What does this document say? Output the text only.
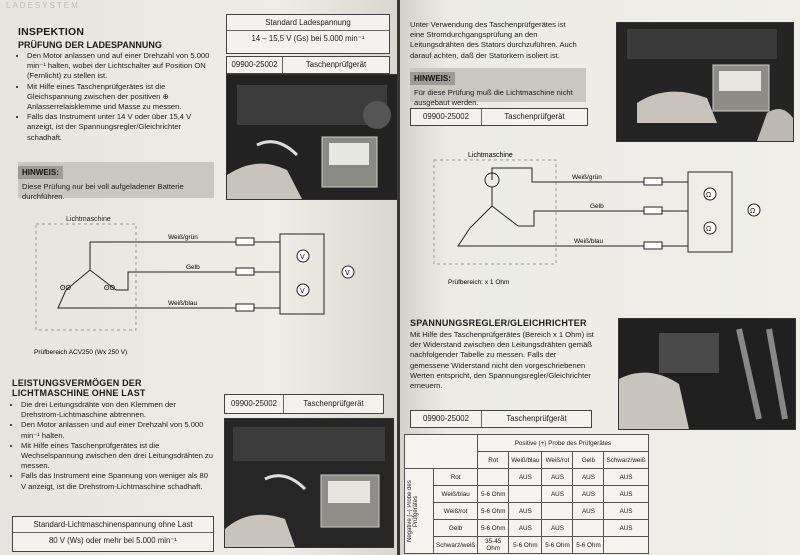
LADESYSTEM
INSPEKTION
PRÜFUNG DER LADESPANNUNG
• Den Motor anlassen und auf einer Drehzahl von 5.000 min⁻¹ halten, wobei der Lichtschalter auf Position ON (Fernlicht) zu stellen ist.
• Mit Hilfe eines Taschenprüfgerätes ist die Gleichspannung zwischen der positiven ⊕ Anlasserrelaisklemme und Masse zu messen.
• Falls das Instrument unter 14 V oder über 15,4 V anzeigt, ist der Spannungsregler/Gleichrichter schadhaft.
Standard Ladespannung
14 – 15,5 V (Gs) bei 5.000 min⁻¹
09900-25002	Taschenprüfgerät
HINWEIS:
Diese Prüfung nur bei voll aufgeladener Batterie durchführen.
Lichtmaschine
ʘʘ	ʘʘ
Weiß/grün
Gelb
Weiß/blau
V
V
V
Prüfbereich ACV250 (Wx 250 V)
LEISTUNGSVERMÖGEN DER LICHTMASCHINE OHNE LAST
• Die drei Leitungsdrähte von den Klemmen der Drehstrom-Lichtmaschine abtrennen.
• Den Motor anlassen und auf einer Drehzahl von 5.000 min⁻¹ halten.
• Mit Hilfe eines Taschenprüfgerätes ist die Wechselspannung zwischen den drei Leitungsdrähten zu messen.
• Falls das Instrument eine Spannung von weniger als 80 V anzeigt, ist die Drehstrom-Lichtmaschine schadhaft.
09900-25002	Taschenprüfgerät
Standard-Lichtmaschinenspannung ohne Last
80 V (Ws) oder mehr bei 5.000 min⁻¹
Unter Verwendung des Taschenprüfgerätes ist eine Stromdurchgangsprüfung an den Leitungsdrähten des Stators durchzuführen. Auch darauf achten, daß der Statorkern isoliert ist.
09900-25002	Taschenprüfgerät
HINWEIS:
Für diese Prüfung muß die Lichtmaschine nicht ausgebaut werden.
Lichtmaschine
Weiß/grün
Gelb
Weiß/blau
Ω
Ω
Ω
Prüfbereich: x 1 Ohm
SPANNUNGSREGLER/GLEICHRICHTER
Mit Hilfe des Taschenprüfgerätes (Bereich x 1 Ohm) ist der Widerstand zwischen den Leitungsdrähten gemäß nachfolgender Tabelle zu messen. Falls der gemessene Widerstand nicht den vorgeschriebenen Werten entspricht, den Spannungsregler/Gleichrichter erneuern.
09900-25002	Taschenprüfgerät
		Positive (+) Probe des Prüfgerätes				
		Rot	Weiß/blau	Weiß/rot	Gelb	Schwarz/weiß

Negative (–) Probe des Prüfgerätes	Rot		AUS	AUS	AUS	AUS
	Weiß/blau	5-6 Ohm		AUS	AUS	AUS
	Weiß/rot	5-6 Ohm	AUS		AUS	AUS
	Gelb	5-6 Ohm	AUS	AUS		AUS
	Schwarz/weiß	35-45 Ohm	5-6 Ohm	5-6 Ohm	5-6 Ohm	
